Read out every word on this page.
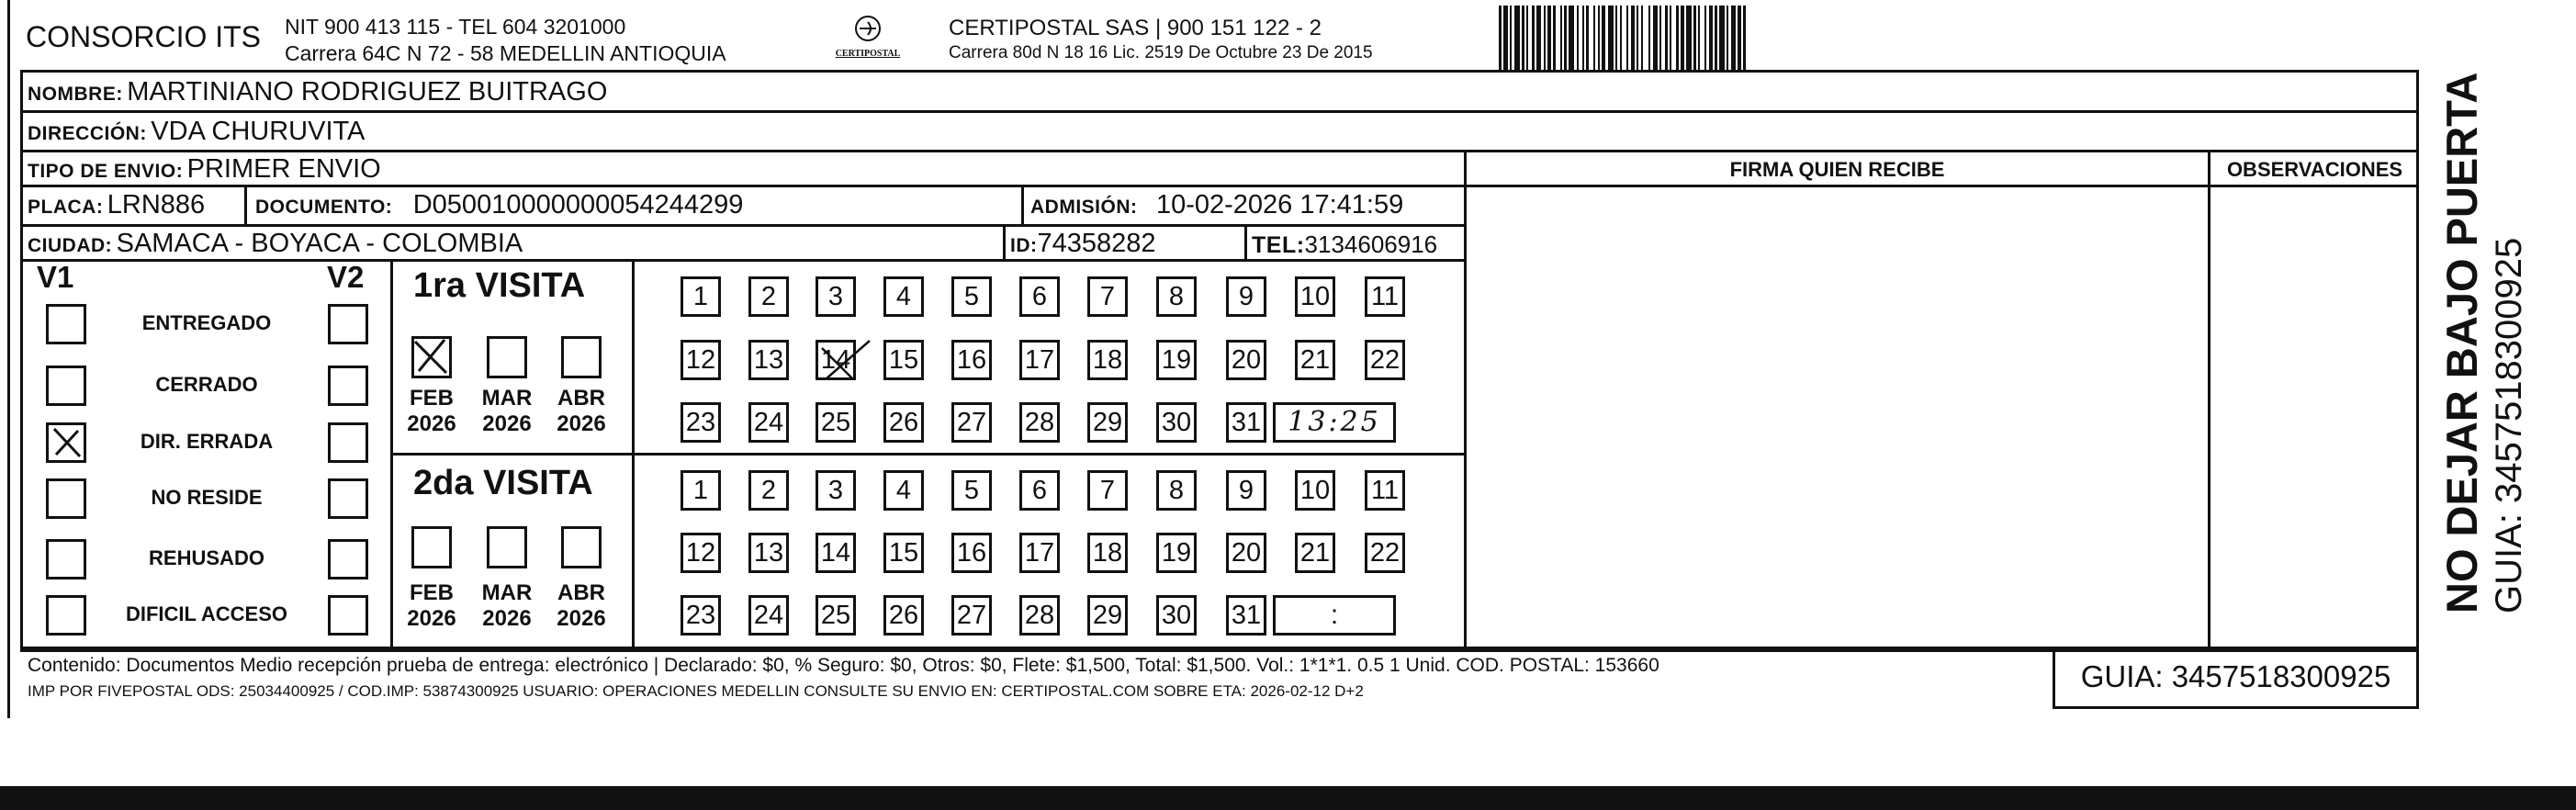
CONSORCIO ITS NIT 900 413 115 - TEL 604 3201000
Carrera 64C N 72 - 58 MEDELLIN ANTIOQUIA	CERTIPOSTAL
CERTIPOSTAL SAS | 900 151 122 - 2
Carrera 80d N 18 16 Lic. 2519 De Octubre 23 De 2015
NOMBRE: MARTINIANO RODRIGUEZ BUITRAGO
DIRECCIÓN: VDA CHURUVITA
TIPO DE ENVIO: PRIMER ENVIO	FIRMA QUIEN RECIBE	OBSERVACIONES
PLACA: LRN886	DOCUMENTO: D050010000000054244299	ADMISIÓN: 10-02-2026 17:41:59
CIUDAD: SAMACA - BOYACA - COLOMBIA	ID:74358282	TEL:3134606916
V1	V2 1ra VISITA
2da VISITA
Contenido: Documentos Medio recepción prueba de entrega: electrónico | Declarado: $0, % Seguro: $0, Otros: $0, Flete: $1,500, Total: $1,500. Vol.: 1*1*1. 0.5 1 Unid. COD. POSTAL: 153660
IMP POR FIVEPOSTAL ODS: 25034400925 / COD.IMP: 53874300925 USUARIO: OPERACIONES MEDELLIN CONSULTE SU ENVIO EN: CERTIPOSTAL.COM SOBRE ETA: 2026-02-12 D+2	GUIA: 3457518300925
NO DEJAR BAJO PUERTA GUIA: 3457518300925
ENTREGADO
CERRADO
DIR. ERRADA
NO RESIDE
REHUSADO
DIFICIL ACCESO
FEB
2026
MAR
2026
ABR
2026
FEB
2026
MAR
2026
ABR
2026
1	2	3	4	5	6	7	8	9	10 11
12 13 14 15 16 17 18 19 20 21 22
23 24 25 26 27 28 29 30 31 13:25
1	2	3	4	5	6	7	8	9	10 11
12 13 14 15 16 17 18 19 20 21 22
23 24 25 26 27 28 29 30 31	:
